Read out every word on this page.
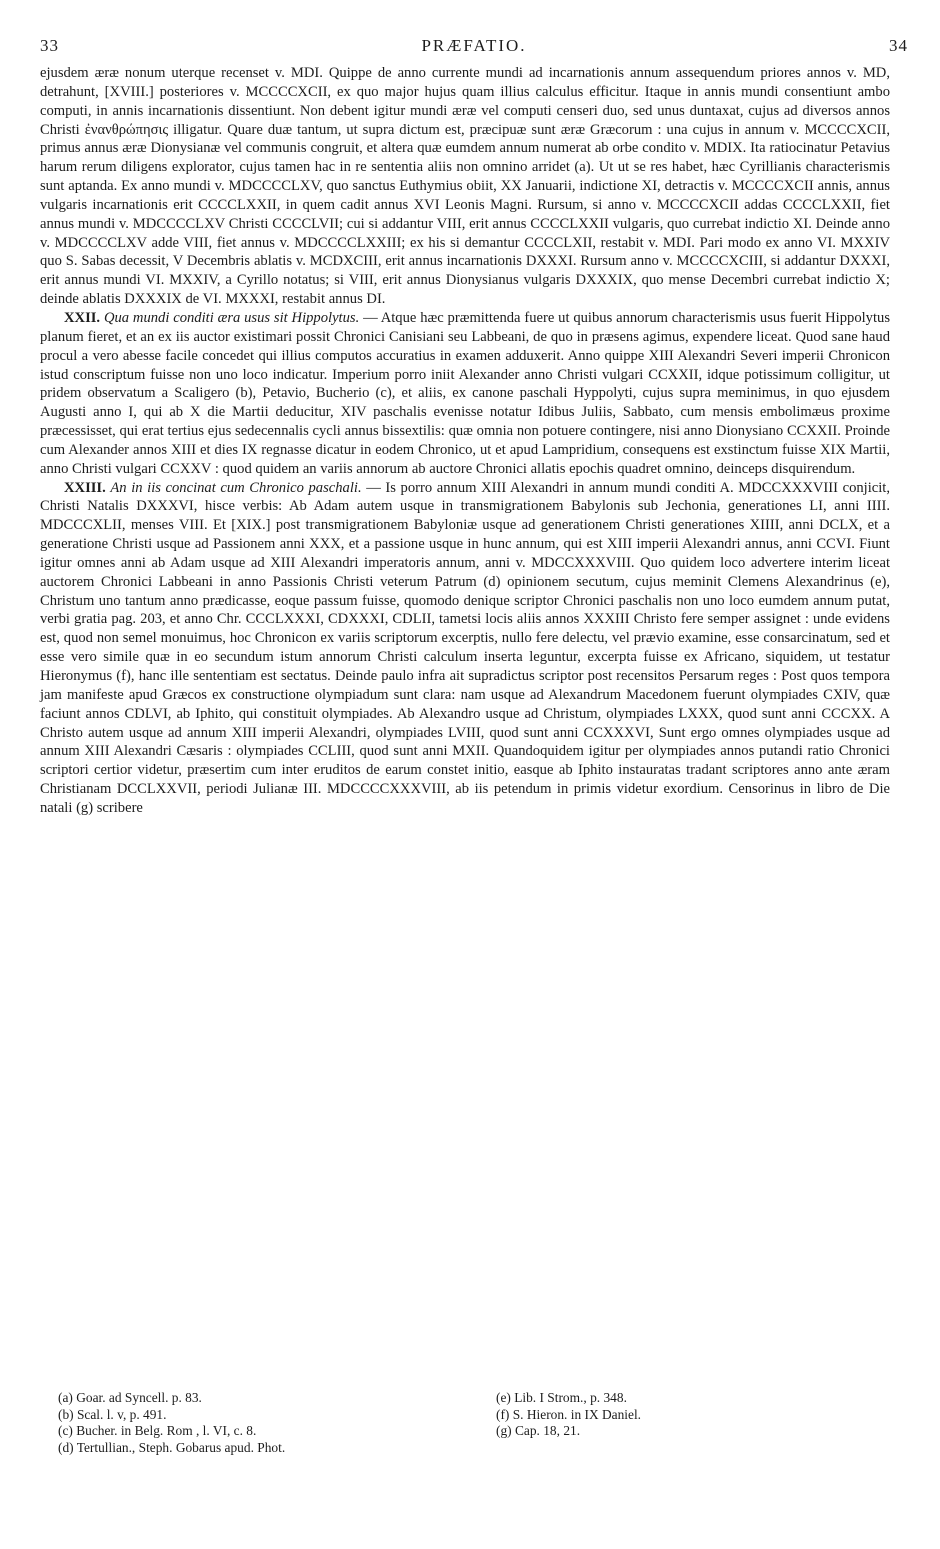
33	PRÆFATIO.	34

ejusdem æræ nonum uterque recenset v. MDI. Quippe de anno currente mundi ad incarnationis annum assequendum priores annos v. MD, detrahunt, [XVIII.] posteriores v. MCCCCXCII, ex quo major hujus quam illius calculus efficitur. Itaque in annis mundi consentiunt ambo computi, in annis incarnationis dissentiunt. Non debent igitur mundi æræ vel computi censeri duo, sed unus duntaxat, cujus ad diversos annos Christi ἐνανθρώπησις illigatur. Quare duæ tantum, ut supra dictum est, præcipuæ sunt æræ Græcorum : una cujus in annum v. MCCCCXCII, primus annus æræ Dionysianæ vel communis congruit, et altera quæ eumdem annum numerat ab orbe condito v. MDIX. Ita ratiocinatur Petavius harum rerum diligens explorator, cujus tamen hac in re sententia aliis non omnino arridet (a). Ut ut se res habet, hæc Cyrillianis characterismis sunt aptanda. Ex anno mundi v. MDCCCCLXV, quo sanctus Euthymius obiit, XX Januarii, indictione XI, detractis v. MCCCCXCII annis, annus vulgaris incarnationis erit CCCCLXXII, in quem cadit annus XVI Leonis Magni. Rursum, si anno v. MCCCCXCII addas CCCCLXXII, fiet annus mundi v. MDCCCCLXV Christi CCCCLVII; cui si addantur VIII, erit annus CCCCLXXII vulgaris, quo currebat indictio XI. Deinde anno v. MDCCCCLXV adde VIII, fiet annus v. MDCCCCLXXIII; ex his si demantur CCCCLXII, restabit v. MDI. Pari modo ex anno VI. MXXIV quo S. Sabas decessit, V Decembris ablatis v. MCDXCIII, erit annus incarnationis DXXXI. Rursum anno v. MCCCCXCIII, si addantur DXXXI, erit annus mundi VI. MXXIV, a Cyrillo notatus; si VIII, erit annus Dionysianus vulgaris DXXXIX, quo mense Decembri currebat indictio X; deinde ablatis DXXXIX de VI. MXXXI, restabit annus DI.

XXII. Qua mundi conditi æra usus sit Hippolytus. — Atque hæc præmittenda fuere ut quibus annorum characterismis usus fuerit Hippolytus planum fieret, et an ex iis auctor existimari possit Chronici Canisiani seu Labbeani, de quo in præsens agimus, expendere liceat. Quod sane haud procul a vero abesse facile concedet qui illius computos accuratius in examen adduxerit. Anno quippe XIII Alexandri Severi imperii Chronicon istud conscriptum fuisse non uno loco indicatur. Imperium porro iniit Alexander anno Christi vulgari CCXXII, idque potissimum colligitur, ut pridem observatum a Scaligero (b), Petavio, Bucherio (c), et aliis, ex canone paschali Hyppolyti, cujus supra meminimus, in quo ejusdem Augusti anno I, qui ab X die Martii deducitur, XIV paschalis evenisse notatur Idibus Juliis, Sabbato, cum mensis embolimæus proxime præcessisset, qui erat tertius ejus sedecennalis cycli annus bissextilis: quæ omnia non potuere contingere, nisi anno Dionysiano CCXXII. Proinde cum Alexander annos XIII et dies IX regnasse dicatur in eodem Chronico, ut et apud Lampridium, consequens est exstinctum fuisse XIX Martii, anno Christi vulgari CCXXV : quod quidem an variis annorum ab auctore Chronici allatis epochis quadret omnino, deinceps disquirendum.

XXIII. An in iis concinat cum Chronico paschali. — Is porro annum XIII Alexandri in annum mundi conditi A. MDCCXXXVIII conjicit, Christi Natalis DXXXVI, hisce verbis: Ab Adam autem usque in transmigrationem Babylonis sub Jechonia, generationes LI, anni IIII. MDCCCXLII, menses VIII. Et [XIX.] post transmigrationem Babyloniæ usque ad generationem Christi generationes XIIII, anni DCLX, et a generatione Christi usque ad Passionem anni XXX, et a passione usque in hunc annum, qui est XIII imperii Alexandri annus, anni CCVI. Fiunt igitur omnes anni ab Adam usque ad XIII Alexandri imperatoris annum, anni v. MDCCXXXVIII. Quo quidem loco advertere interim liceat auctorem Chronici Labbeani in anno Passionis Christi veterum Patrum (d) opinionem secutum, cujus meminit Clemens Alexandrinus (e), Christum uno tantum anno prædicasse, eoque passum fuisse, quomodo denique scriptor Chronici paschalis non uno loco eumdem annum putat, verbi gratia pag. 203, et anno Chr. CCCLXXXI, CDXXXI, CDLII, tametsi locis aliis annos XXXIII Christo fere semper assignet : unde evidens est, quod non semel monuimus, hoc Chronicon ex variis scriptorum excerptis, nullo fere delectu, vel prævio examine, esse consarcinatum, sed et esse vero simile quæ in eo secundum istum annorum Christi calculum inserta leguntur, excerpta fuisse ex Africano, siquidem, ut testatur Hieronymus (f), hanc ille sententiam est sectatus. Deinde paulo infra ait supradictus scriptor post recensitos Persarum reges : Post quos tempora jam manifeste apud Græcos ex constructione olympiadum sunt clara: nam usque ad Alexandrum Macedonem fuerunt olympiades CXIV, quæ faciunt annos CDLVI, ab Iphito, qui constituit olympiades. Ab Alexandro usque ad Christum, olympiades LXXX, quod sunt anni CCCXX. A Christo autem usque ad annum XIII imperii Alexandri, olympiades LVIII, quod sunt anni CCXXXVI, Sunt ergo omnes olympiades usque ad annum XIII Alexandri Cæsaris : olympiades CCLIII, quod sunt anni MXII. Quandoquidem igitur per olympiades annos putandi ratio Chronici scriptori certior videtur, præsertim cum inter eruditos de earum constet initio, easque ab Iphito instauratas tradant scriptores anno ante æram Christianam DCCLXXVII, periodi Julianæ III. MDCCCCXXXVIII, ab iis petendum in primis videtur exordium. Censorinus in libro de Die natali (g) scribere

(a) Goar. ad Syncell. p. 83.
(b) Scal. l. v, p. 491.
(c) Bucher. in Belg. Rom , l. VI, c. 8.
(d) Tertullian., Steph. Gobarus apud. Phot.
(e) Lib. I Strom., p. 348.
(f) S. Hieron. in IX Daniel.
(g) Cap. 18, 21.
